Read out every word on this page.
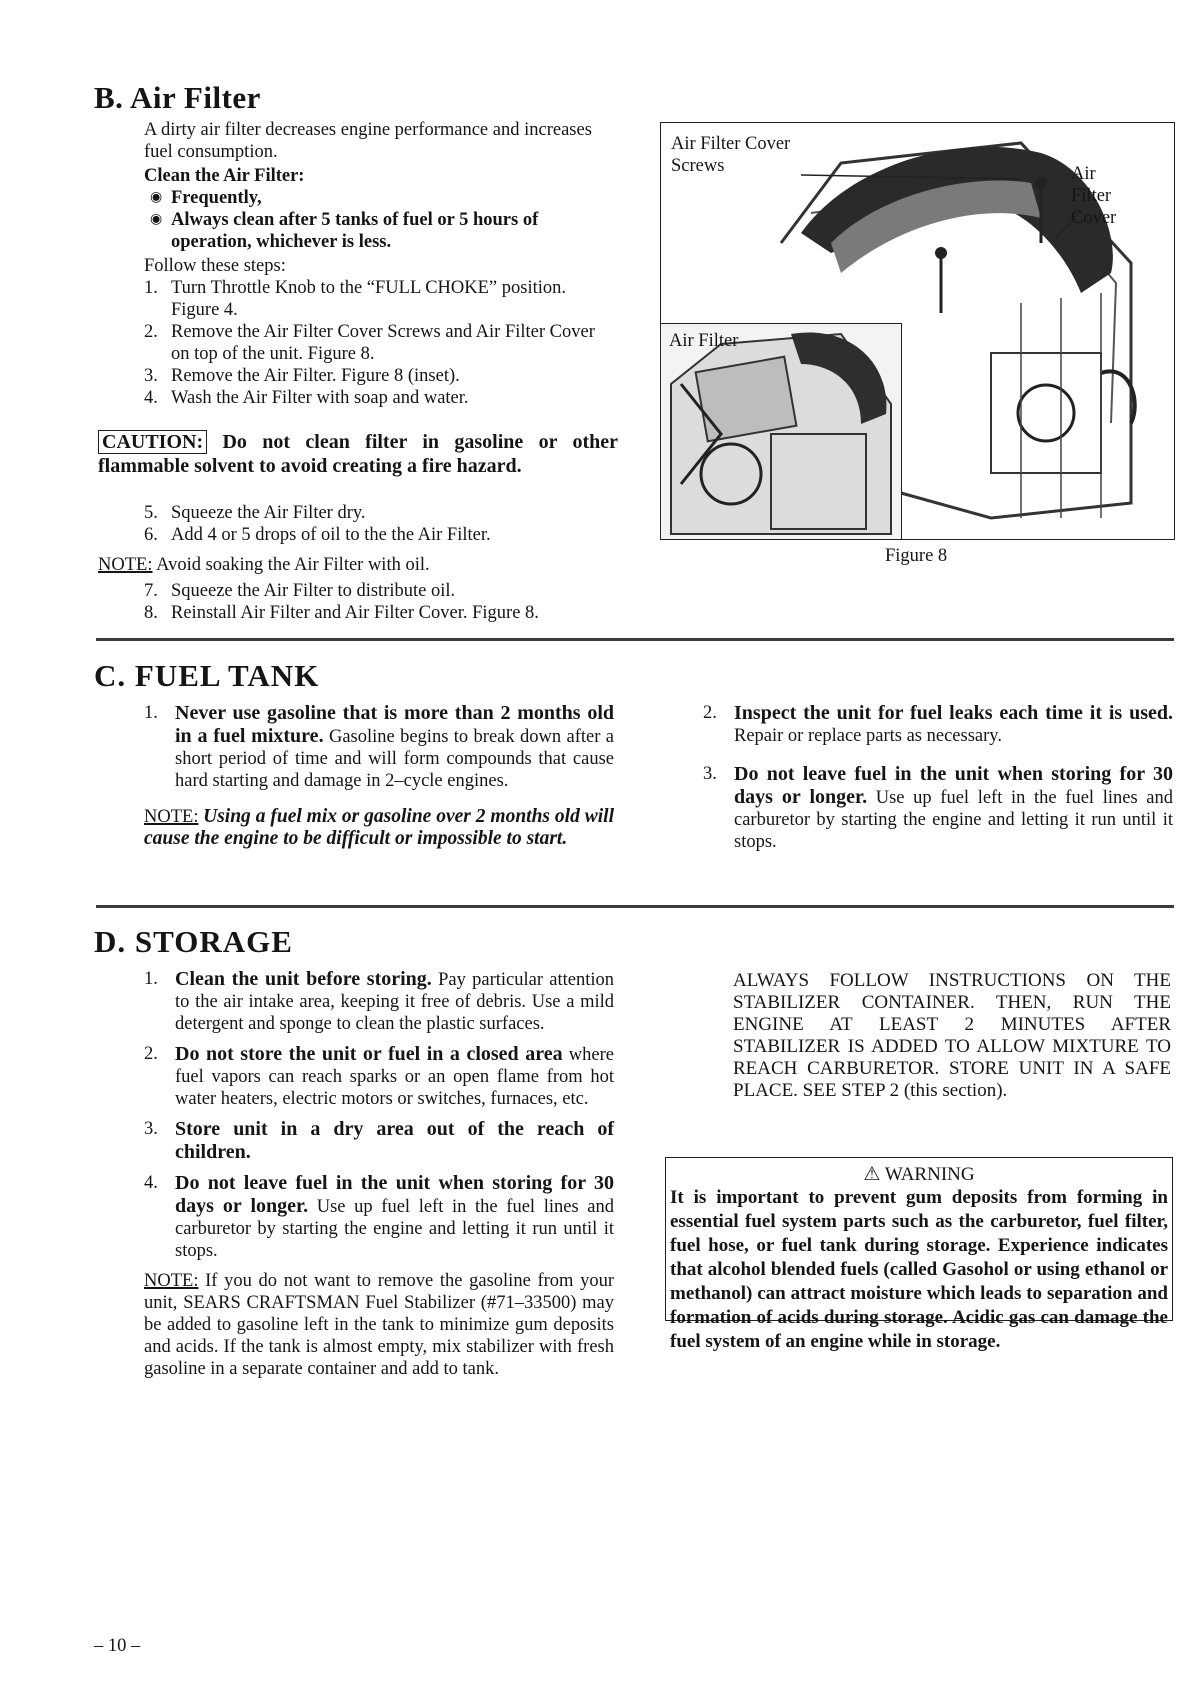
B. Air Filter
A dirty air filter decreases engine performance and increases fuel consumption.
Clean the Air Filter:
◉ Frequently,
◉ Always clean after 5 tanks of fuel or 5 hours of operation, whichever is less.
Follow these steps:
1. Turn Throttle Knob to the “FULL CHOKE” position. Figure 4.
2. Remove the Air Filter Cover Screws and Air Filter Cover on top of the unit. Figure 8.
3. Remove the Air Filter. Figure 8 (inset).
4. Wash the Air Filter with soap and water.
CAUTION: Do not clean filter in gasoline or other flammable solvent to avoid creating a fire hazard.
5. Squeeze the Air Filter dry.
6. Add 4 or 5 drops of oil to the the Air Filter.
NOTE: Avoid soaking the Air Filter with oil.
7. Squeeze the Air Filter to distribute oil.
8. Reinstall Air Filter and Air Filter Cover. Figure 8.
Air Filter Cover Screws	Air Filter Cover
Air Filter
Figure 8
C. FUEL TANK
1. Never use gasoline that is more than 2 months old in a fuel mixture. Gasoline begins to break down after a short period of time and will form compounds that cause hard starting and damage in 2–cycle engines.
NOTE: Using a fuel mix or gasoline over 2 months old will cause the engine to be difficult or impossible to start.
2. Inspect the unit for fuel leaks each time it is used. Repair or replace parts as necessary.
3. Do not leave fuel in the unit when storing for 30 days or longer. Use up fuel left in the fuel lines and carburetor by starting the engine and letting it run until it stops.
D. STORAGE
1. Clean the unit before storing. Pay particular attention to the air intake area, keeping it free of debris. Use a mild detergent and sponge to clean the plastic surfaces.
2. Do not store the unit or fuel in a closed area where fuel vapors can reach sparks or an open flame from hot water heaters, electric motors or switches, furnaces, etc.
3. Store unit in a dry area out of the reach of children.
4. Do not leave fuel in the unit when storing for 30 days or longer. Use up fuel left in the fuel lines and carburetor by starting the engine and letting it run until it stops.
NOTE: If you do not want to remove the gasoline from your unit, SEARS CRAFTSMAN Fuel Stabilizer (#71–33500) may be added to gasoline left in the tank to minimize gum deposits and acids. If the tank is almost empty, mix stabilizer with fresh gasoline in a separate container and add to tank.
ALWAYS FOLLOW INSTRUCTIONS ON THE STABILIZER CONTAINER. THEN, RUN THE ENGINE AT LEAST 2 MINUTES AFTER STABILIZER IS ADDED TO ALLOW MIXTURE TO REACH CARBURETOR. STORE UNIT IN A SAFE PLACE. SEE STEP 2 (this section).
⚠ WARNING
It is important to prevent gum deposits from forming in essential fuel system parts such as the carburetor, fuel filter, fuel hose, or fuel tank during storage. Experience indicates that alcohol blended fuels (called Gasohol or using ethanol or methanol) can attract moisture which leads to separation and formation of acids during storage. Acidic gas can damage the fuel system of an engine while in storage.
– 10 –
